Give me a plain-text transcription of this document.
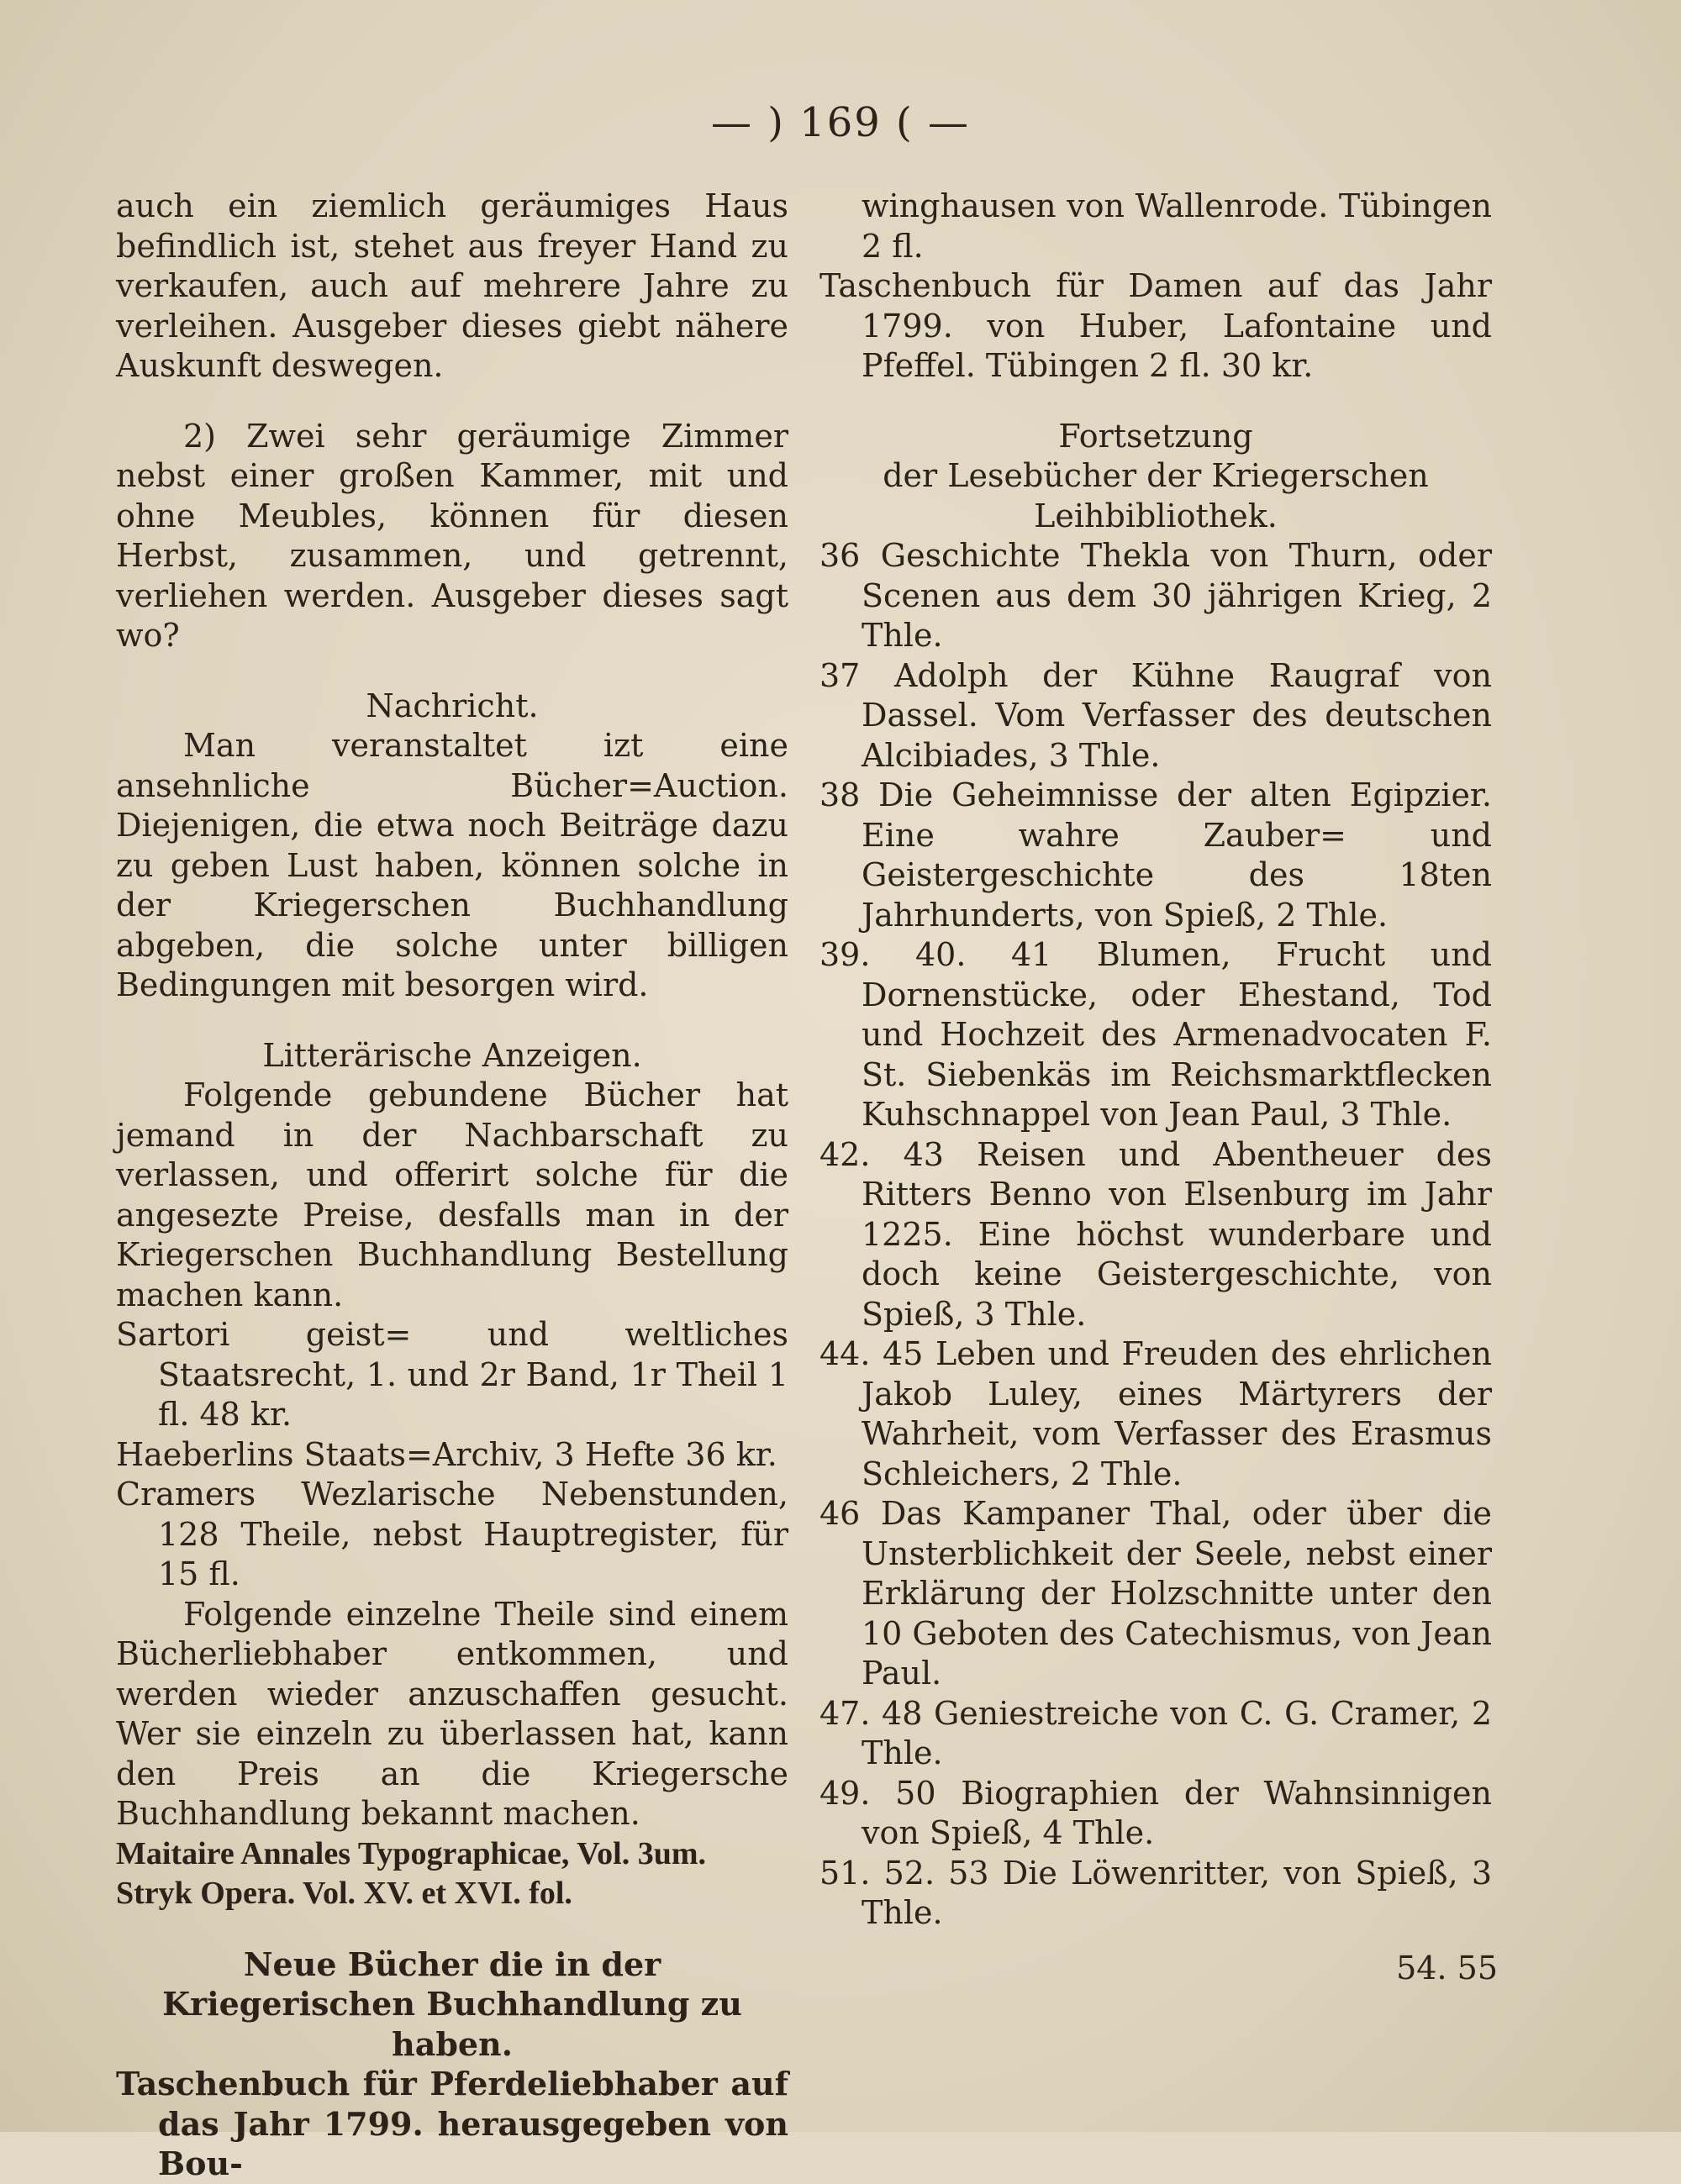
— ) 169 ( —

auch ein ziemlich geräumiges Haus befindlich ist, stehet aus freyer Hand zu verkaufen, auch auf mehrere Jahre zu verleihen. Ausgeber dieses giebt nähere Auskunft deswegen.

2) Zwei sehr geräumige Zimmer nebst einer großen Kammer, mit und ohne Meubles, können für diesen Herbst, zusammen, und getrennt, verliehen werden. Ausgeber dieses sagt wo?

Nachricht.

Man veranstaltet izt eine ansehnliche Bücher=Auction. Diejenigen, die etwa noch Beiträge dazu zu geben Lust haben, können solche in der Kriegerschen Buchhandlung abgeben, die solche unter billigen Bedingungen mit besorgen wird.

Litterärische Anzeigen.

Folgende gebundene Bücher hat jemand in der Nachbarschaft zu verlassen, und offerirt solche für die angesezte Preise, desfalls man in der Kriegerschen Buchhandlung Bestellung machen kann.

Sartori geist= und weltliches Staatsrecht, 1. und 2r Band, 1r Theil 1 fl. 48 kr.

Haeberlins Staats=Archiv, 3 Hefte 36 kr.

Cramers Wezlarische Nebenstunden, 128 Theile, nebst Hauptregister, für 15 fl.

Folgende einzelne Theile sind einem Bücherliebhaber entkommen, und werden wieder anzuschaffen gesucht. Wer sie einzeln zu überlassen hat, kann den Preis an die Kriegersche Buchhandlung bekannt machen.

Maitaire Annales Typographicae, Vol. 3um.

Stryk Opera. Vol. XV. et XVI. fol.

Neue Bücher die in der Kriegerischen Buchhandlung zu haben.

Taschenbuch für Pferdeliebhaber auf das Jahr 1799. herausgegeben von Bou-

winghausen von Wallenrode. Tübingen 2 fl.

Taschenbuch für Damen auf das Jahr 1799. von Huber, Lafontaine und Pfeffel. Tübingen 2 fl. 30 kr.

Fortsetzung

der Lesebücher der Kriegerschen Leihbibliothek.

36 Geschichte Thekla von Thurn, oder Scenen aus dem 30 jährigen Krieg, 2 Thle.

37 Adolph der Kühne Raugraf von Dassel. Vom Verfasser des deutschen Alcibiades, 3 Thle.

38 Die Geheimnisse der alten Egipzier. Eine wahre Zauber= und Geistergeschichte des 18ten Jahrhunderts, von Spieß, 2 Thle.

39. 40. 41 Blumen, Frucht und Dornenstücke, oder Ehestand, Tod und Hochzeit des Armenadvocaten F. St. Siebenkäs im Reichsmarktflecken Kuhschnappel von Jean Paul, 3 Thle.

42. 43 Reisen und Abentheuer des Ritters Benno von Elsenburg im Jahr 1225. Eine höchst wunderbare und doch keine Geistergeschichte, von Spieß, 3 Thle.

44. 45 Leben und Freuden des ehrlichen Jakob Luley, eines Märtyrers der Wahrheit, vom Verfasser des Erasmus Schleichers, 2 Thle.

46 Das Kampaner Thal, oder über die Unsterblichkeit der Seele, nebst einer Erklärung der Holzschnitte unter den 10 Geboten des Catechismus, von Jean Paul.

47. 48 Geniestreiche von C. G. Cramer, 2 Thle.

49. 50 Biographien der Wahnsinnigen von Spieß, 4 Thle.

51. 52. 53 Die Löwenritter, von Spieß, 3 Thle.

54. 55
